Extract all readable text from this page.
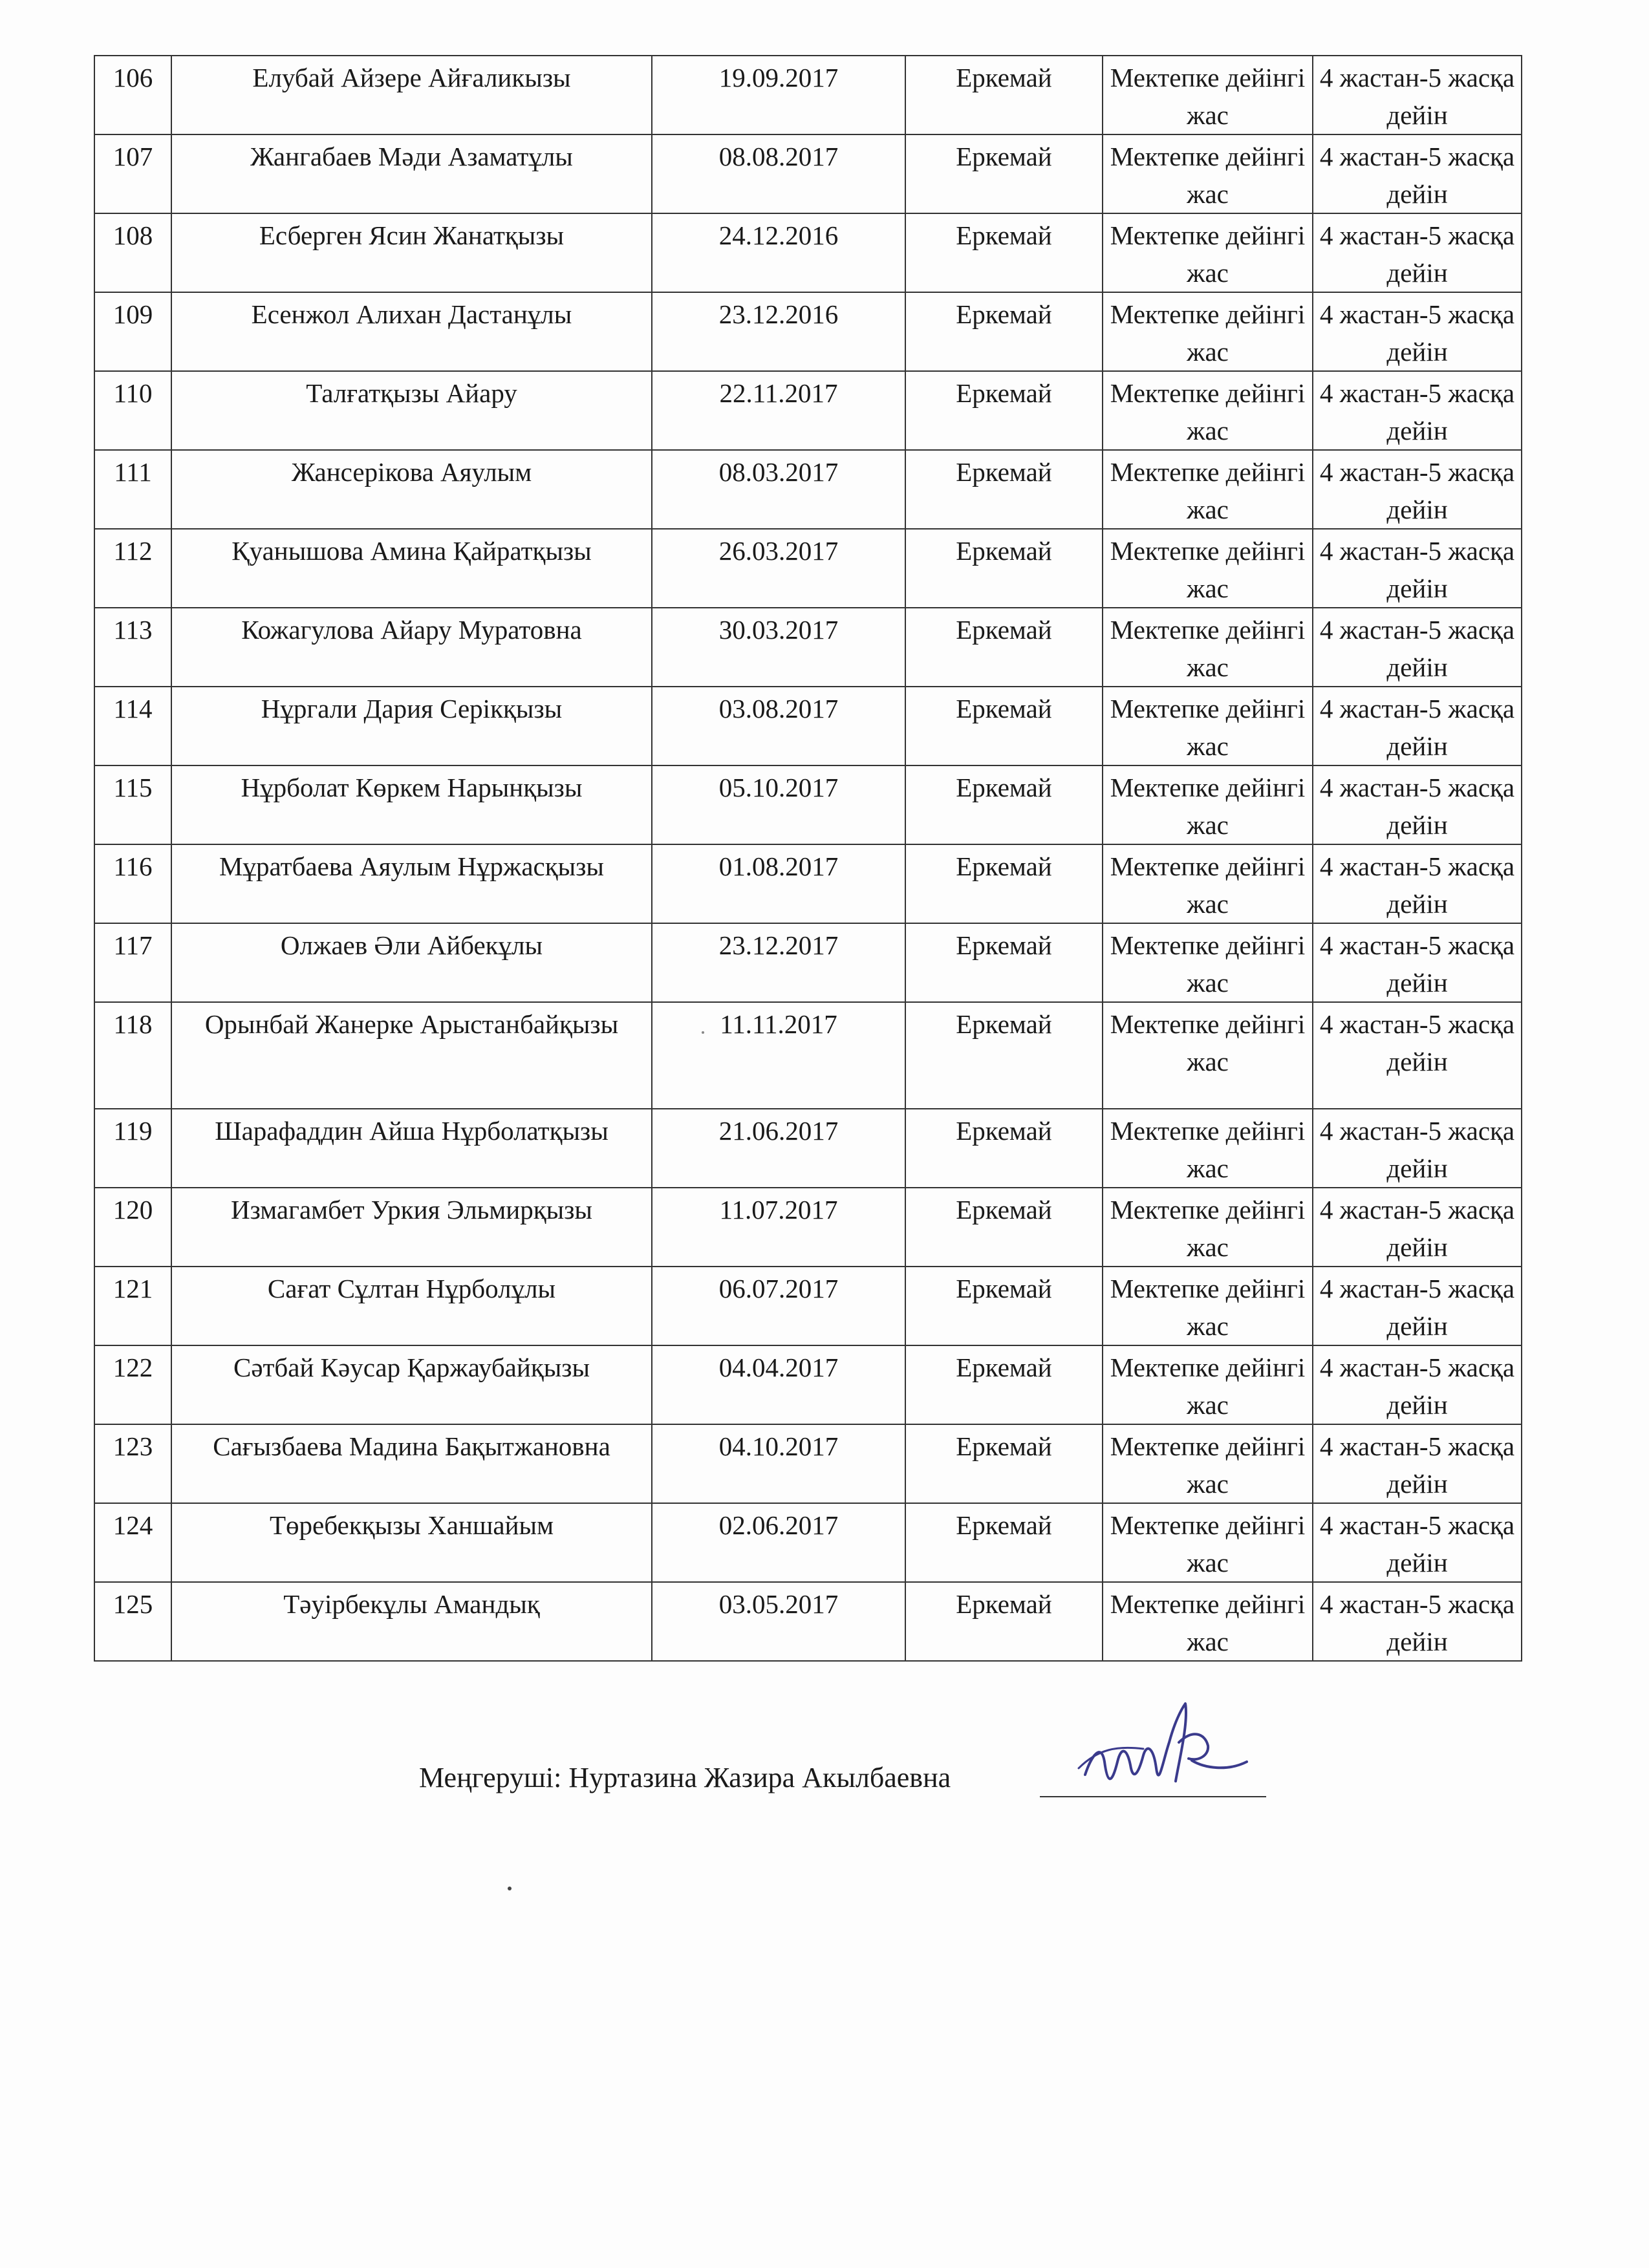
106	Елубай Айзере Айғаликызы	19.09.2017	Еркемай	Мектепке дейінгі жас	4 жастан-5 жасқа дейін
107	Жангабаев Мәди Азаматұлы	08.08.2017	Еркемай	Мектепке дейінгі жас	4 жастан-5 жасқа дейін
108	Есберген Ясин Жанатқызы	24.12.2016	Еркемай	Мектепке дейінгі жас	4 жастан-5 жасқа дейін
109	Есенжол Алихан Дастанұлы	23.12.2016	Еркемай	Мектепке дейінгі жас	4 жастан-5 жасқа дейін
110	Талғатқызы Айару	22.11.2017	Еркемай	Мектепке дейінгі жас	4 жастан-5 жасқа дейін
111	Жансерікова Аяулым	08.03.2017	Еркемай	Мектепке дейінгі жас	4 жастан-5 жасқа дейін
112	Қуанышова Амина Қайратқызы	26.03.2017	Еркемай	Мектепке дейінгі жас	4 жастан-5 жасқа дейін
113	Кожагулова Айару Муратовна	30.03.2017	Еркемай	Мектепке дейінгі жас	4 жастан-5 жасқа дейін
114	Нұргали Дария Серікқызы	03.08.2017	Еркемай	Мектепке дейінгі жас	4 жастан-5 жасқа дейін
115	Нұрболат Көркем Нарынқызы	05.10.2017	Еркемай	Мектепке дейінгі жас	4 жастан-5 жасқа дейін
116	Мұратбаева Аяулым Нұржасқызы	01.08.2017	Еркемай	Мектепке дейінгі жас	4 жастан-5 жасқа дейін
117	Олжаев Әли Айбекұлы	23.12.2017	Еркемай	Мектепке дейінгі жас	4 жастан-5 жасқа дейін
118	Орынбай Жанерке Арыстанбайқызы	11.11.2017	Еркемай	Мектепке дейінгі жас	4 жастан-5 жасқа дейін
119	Шарафаддин Айша Нұрболатқызы	21.06.2017	Еркемай	Мектепке дейінгі жас	4 жастан-5 жасқа дейін
120	Измагамбет Уркия Эльмирқызы	11.07.2017	Еркемай	Мектепке дейінгі жас	4 жастан-5 жасқа дейін
121	Сағат Сұлтан Нұрболұлы	06.07.2017	Еркемай	Мектепке дейінгі жас	4 жастан-5 жасқа дейін
122	Сәтбай Кәусар Қаржаубайқызы	04.04.2017	Еркемай	Мектепке дейінгі жас	4 жастан-5 жасқа дейін
123	Сағызбаева Мадина Бақытжановна	04.10.2017	Еркемай	Мектепке дейінгі жас	4 жастан-5 жасқа дейін
124	Төребекқызы Ханшайым	02.06.2017	Еркемай	Мектепке дейінгі жас	4 жастан-5 жасқа дейін
125	Тәуірбекұлы Амандық	03.05.2017	Еркемай	Мектепке дейінгі жас	4 жастан-5 жасқа дейін
Меңгеруші: Нуртазина Жазира Акылбаевна
